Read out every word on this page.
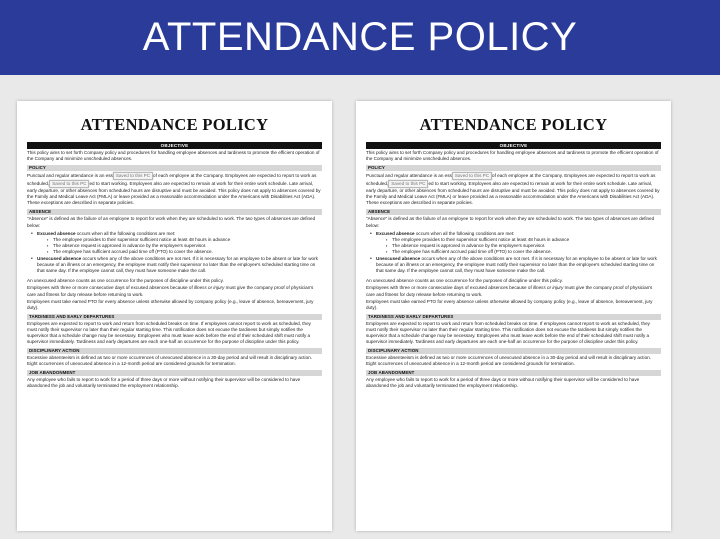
ATTENDANCE POLICY
ATTENDANCE POLICY
OBJECTIVE
This policy aims to set forth Company policy and procedures for handling employee absences and tardiness to promote the efficient operation of the Company and minimize unscheduled absences.
POLICY
Punctual and regular attendance is an ess Saved to this PC of each employee at the Company. Employees are expected to report to work as scheduled, Saved to this PC ed to start working. Employees also are expected to remain at work for their entire work schedule. Late arrival, early departure, or other absences from scheduled hours are disruptive and must be avoided. This policy does not apply to absences covered by the Family and Medical Leave Act (FMLA) or leave provided as a reasonable accommodation under the Americans with Disabilities Act (ADA). These exceptions are described in separate policies.
ABSENCE
"Absence" is defined as the failure of an employee to report for work when they are scheduled to work. The two types of absences are defined below:
• Excused absence occurs when all the following conditions are met:
▪ The employee provides to their supervisor sufficient notice at least 48 hours in advance
▪ The absence request is approved in advance by the employee's supervisor.
▪ The employee has sufficient accrued paid time off (PTO) to cover the absence.
• Unexcused absence occurs when any of the above conditions are not met. If it is necessary for an employee to be absent or late for work because of an illness or an emergency, the employee must notify their supervisor no later than the employee's scheduled starting time on that same day. If the employee cannot call, they must have someone make the call.
An unexcused absence counts as one occurrence for the purposes of discipline under this policy.
Employees with three or more consecutive days of excused absences because of illness or injury must give the company proof of physician's care and fitness for duty release before returning to work.
Employees must take earned PTO for every absence unless otherwise allowed by company policy (e.g., leave of absence, bereavement, jury duty).
TARDINESS AND EARLY DEPARTURES
Employees are expected to report to work and return from scheduled breaks on time. If employees cannot report to work as scheduled, they must notify their supervisor no later than their regular starting time. This notification does not excuse the tardiness but simply notifies the supervisor that a schedule change may be necessary. Employees who must leave work before the end of their scheduled shift must notify a supervisor immediately. Tardiness and early departures are each one-half an occurrence for the purpose of discipline under this policy.
DISCIPLINARY ACTION
Excessive absenteeism is defined as two or more occurrences of unexcused absence in a 30-day period and will result in disciplinary action. Eight occurrences of unexcused absence in a 12-month period are considered grounds for termination.
JOB ABANDONMENT
Any employee who fails to report to work for a period of three days or more without notifying their supervisor will be considered to have abandoned the job and voluntarily terminated the employment relationship.
ATTENDANCE POLICY
OBJECTIVE
This policy aims to set forth Company policy and procedures for handling employee absences and tardiness to promote the efficient operation of the Company and minimize unscheduled absences.
POLICY
Punctual and regular attendance is an ess Saved to this PC of each employee at the Company. Employees are expected to report to work as scheduled, Saved to this PC ed to start working. Employees also are expected to remain at work for their entire work schedule. Late arrival, early departure, or other absences from scheduled hours are disruptive and must be avoided. This policy does not apply to absences covered by the Family and Medical Leave Act (FMLA) or leave provided as a reasonable accommodation under the Americans with Disabilities Act (ADA). These exceptions are described in separate policies.
ABSENCE
"Absence" is defined as the failure of an employee to report for work when they are scheduled to work. The two types of absences are defined below:
• Excused absence occurs when all the following conditions are met:
▪ The employee provides to their supervisor sufficient notice at least 48 hours in advance
▪ The absence request is approved in advance by the employee's supervisor.
▪ The employee has sufficient accrued paid time off (PTO) to cover the absence.
• Unexcused absence occurs when any of the above conditions are not met. If it is necessary for an employee to be absent or late for work because of an illness or an emergency, the employee must notify their supervisor no later than the employee's scheduled starting time on that same day. If the employee cannot call, they must have someone make the call.
An unexcused absence counts as one occurrence for the purposes of discipline under this policy.
Employees with three or more consecutive days of excused absences because of illness or injury must give the company proof of physician's care and fitness for duty release before returning to work.
Employees must take earned PTO for every absence unless otherwise allowed by company policy (e.g., leave of absence, bereavement, jury duty).
TARDINESS AND EARLY DEPARTURES
Employees are expected to report to work and return from scheduled breaks on time. If employees cannot report to work as scheduled, they must notify their supervisor no later than their regular starting time. This notification does not excuse the tardiness but simply notifies the supervisor that a schedule change may be necessary. Employees who must leave work before the end of their scheduled shift must notify a supervisor immediately. Tardiness and early departures are each one-half an occurrence for the purpose of discipline under this policy.
DISCIPLINARY ACTION
Excessive absenteeism is defined as two or more occurrences of unexcused absence in a 30-day period and will result in disciplinary action. Eight occurrences of unexcused absence in a 12-month period are considered grounds for termination.
JOB ABANDONMENT
Any employee who fails to report to work for a period of three days or more without notifying their supervisor will be considered to have abandoned the job and voluntarily terminated the employment relationship.
